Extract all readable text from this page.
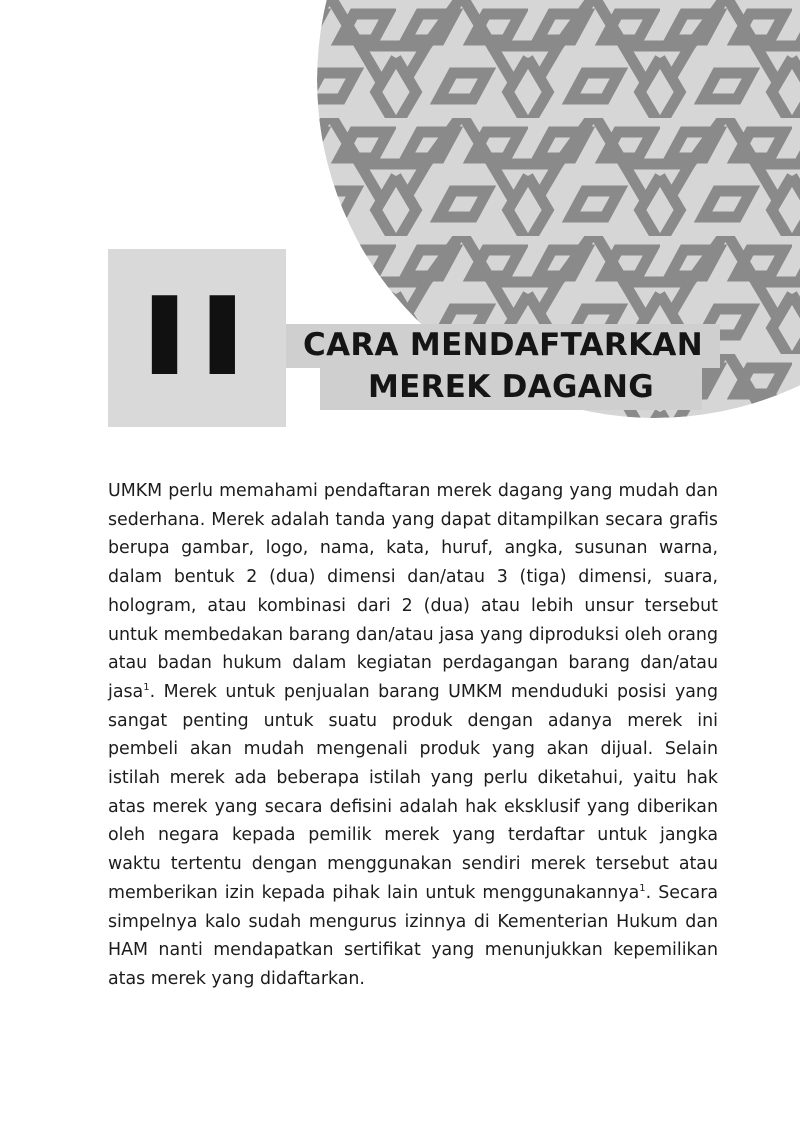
II	CARA MENDAFTARKAN
MEREK DAGANG

UMKM perlu memahami pendaftaran merek dagang yang mudah dan sederhana. Merek adalah tanda yang dapat ditampilkan secara grafis berupa gambar, logo, nama, kata, huruf, angka, susunan warna, dalam bentuk 2 (dua) dimensi dan/atau 3 (tiga) dimensi, suara, hologram, atau kombinasi dari 2 (dua) atau lebih unsur tersebut untuk membedakan barang dan/atau jasa yang diproduksi oleh orang atau badan hukum dalam kegiatan perdagangan barang dan/atau jasa$^1$. Merek untuk penjualan barang UMKM menduduki posisi yang sangat penting untuk suatu produk dengan adanya merek ini pembeli akan mudah mengenali produk yang akan dijual. Selain istilah merek ada beberapa istilah yang perlu diketahui, yaitu hak atas merek yang secara defisini adalah hak eksklusif yang diberikan oleh negara kepada pemilik merek yang terdaftar untuk jangka waktu tertentu dengan menggunakan sendiri merek tersebut atau memberikan izin kepada pihak lain untuk menggunakannya$^1$. Secara simpelnya kalo sudah mengurus izinnya di Kementerian Hukum dan HAM nanti mendapatkan sertifikat yang menunjukkan kepemilikan atas merek yang didaftarkan.
